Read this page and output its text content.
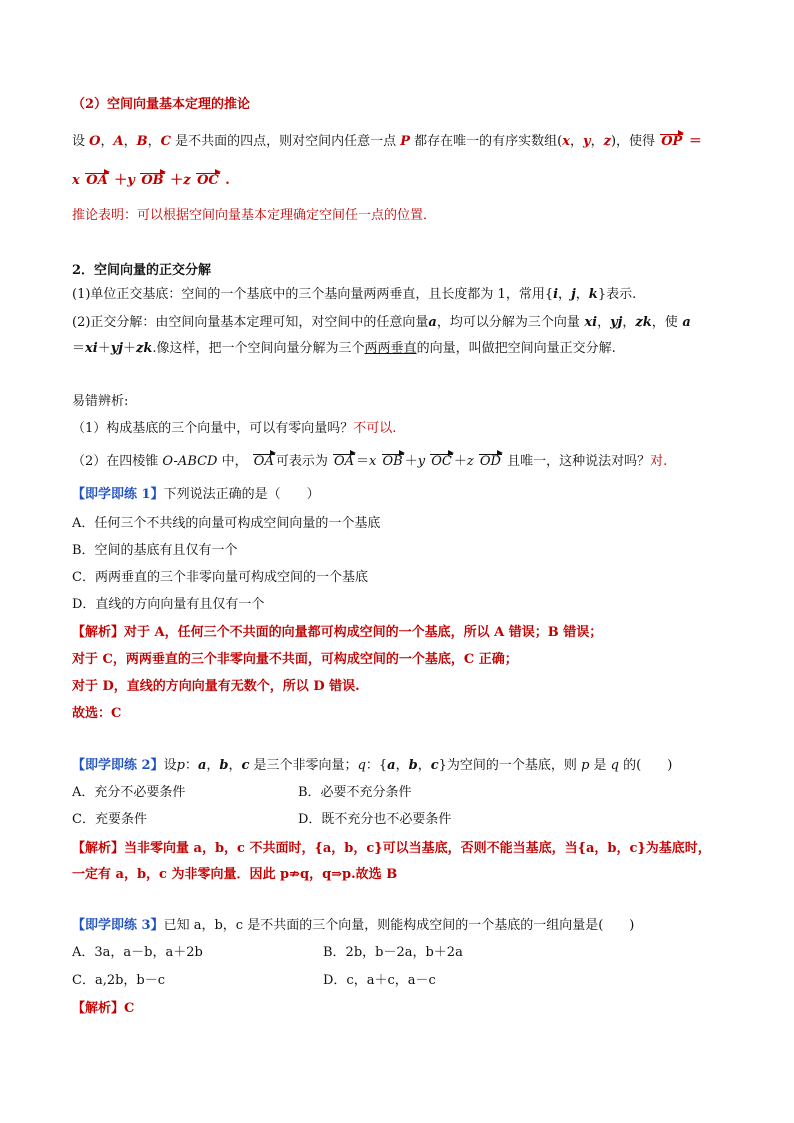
（2）空间向量基本定理的推论
设 O，A，B，C 是不共面的四点，则对空间内任意一点 P 都存在唯一的有序实数组(x，y，z)，使得 OP ＝
x OA ＋y OB ＋z OC .
推论表明：可以根据空间向量基本定理确定空间任一点的位置．
2．空间向量的正交分解
(1)单位正交基底：空间的一个基底中的三个基向量两两垂直，且长度都为 1，常用{i，j，k}表示.
(2)正交分解：由空间向量基本定理可知，对空间中的任意向量a，均可以分解为三个向量 xi，yj，zk，使 a
＝xi＋yj＋zk.像这样，把一个空间向量分解为三个两两垂直的向量，叫做把空间向量正交分解.
易错辨析:
（1）构成基底的三个向量中，可以有零向量吗？不可以.
（2）在四棱锥 O-ABCD 中， OA 可表示为 OA ＝x OB ＋y OC ＋z OD 且唯一，这种说法对吗？对.
【即学即练 1】下列说法正确的是（　　）
A．任何三个不共线的向量可构成空间向量的一个基底
B．空间的基底有且仅有一个
C．两两垂直的三个非零向量可构成空间的一个基底
D．直线的方向向量有且仅有一个
【解析】对于 A，任何三个不共面的向量都可构成空间的一个基底，所以 A 错误；B 错误；
对于 C，两两垂直的三个非零向量不共面，可构成空间的一个基底，C 正确；
对于 D，直线的方向向量有无数个，所以 D 错误.
故选：C
【即学即练 2】设p：a，b，c 是三个非零向量；q：{a，b，c}为空间的一个基底，则 p 是 q 的(　　)
A．充分不必要条件	B．必要不充分条件
C．充要条件	D．既不充分也不必要条件
【解析】当非零向量 a，b，c 不共面时，{a，b，c}可以当基底，否则不能当基底，当{a，b，c}为基底时，
一定有 a，b，c 为非零向量．因此 p⇏q，q⇒p.故选 B
【即学即练 3】已知 a，b，c 是不共面的三个向量，则能构成空间的一个基底的一组向量是(　　)
A．3a，a－b，a＋2b	B．2b，b－2a，b＋2a
C．a,2b，b－c	D．c，a＋c，a－c
【解析】C
